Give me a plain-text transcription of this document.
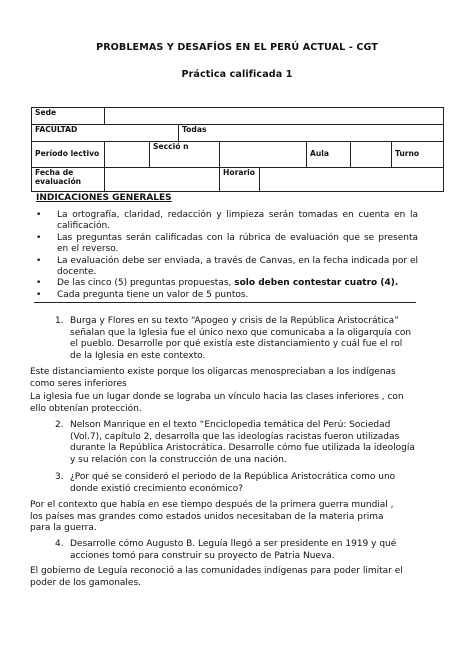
PROBLEMAS Y DESAFÍOS EN EL PERÚ ACTUAL - CGT
Práctica calificada 1
Sede								
FACULTAD			Todas					
Período lectivo		Secció n				Aula		Turno
Fecha de evaluación				Horario				
INDICACIONES GENERALES
• La ortografía, claridad, redacción y limpieza serán tomadas en cuenta en la calificación.
• Las preguntas serán calificadas con la rúbrica de evaluación que se presenta en el reverso.
• La evaluación debe ser enviada, a través de Canvas, en la fecha indicada por el docente.
• De las cinco (5) preguntas propuestas, solo deben contestar cuatro (4).
• Cada pregunta tiene un valor de 5 puntos.
1. Burga y Flores en su texto “Apogeo y crisis de la República Aristocrática” señalan que la Iglesia fue el único nexo que comunicaba a la oligarquía con el pueblo. Desarrolle por qué existía este distanciamiento y cuál fue el rol de la Iglesia en este contexto.
Este distanciamiento existe porque los oligarcas menospreciaban a los indígenas como seres inferiores
La iglesia fue un lugar donde se lograba un vínculo hacia las clases inferiores , con ello obtenían protección.
2. Nelson Manrique en el texto “Enciclopedia temática del Perú: Sociedad (Vol.7), capítulo 2, desarrolla que las ideologías racistas fueron utilizadas durante la República Aristocrática. Desarrolle cómo fue utilizada la ideología y su relación con la construcción de una nación.
3. ¿Por qué se consideró el periodo de la República Aristocrática como uno donde existió crecimiento económico?
Por el contexto que había en ese tiempo después de la primera guerra mundial , los países mas grandes como estados unidos necesitaban de la materia prima para la guerra.
4. Desarrolle cómo Augusto B. Leguía llegó a ser presidente en 1919 y qué acciones tomó para construir su proyecto de Patria Nueva.
El gobierno de Leguía reconoció a las comunidades indígenas para poder limitar el poder de los gamonales.
